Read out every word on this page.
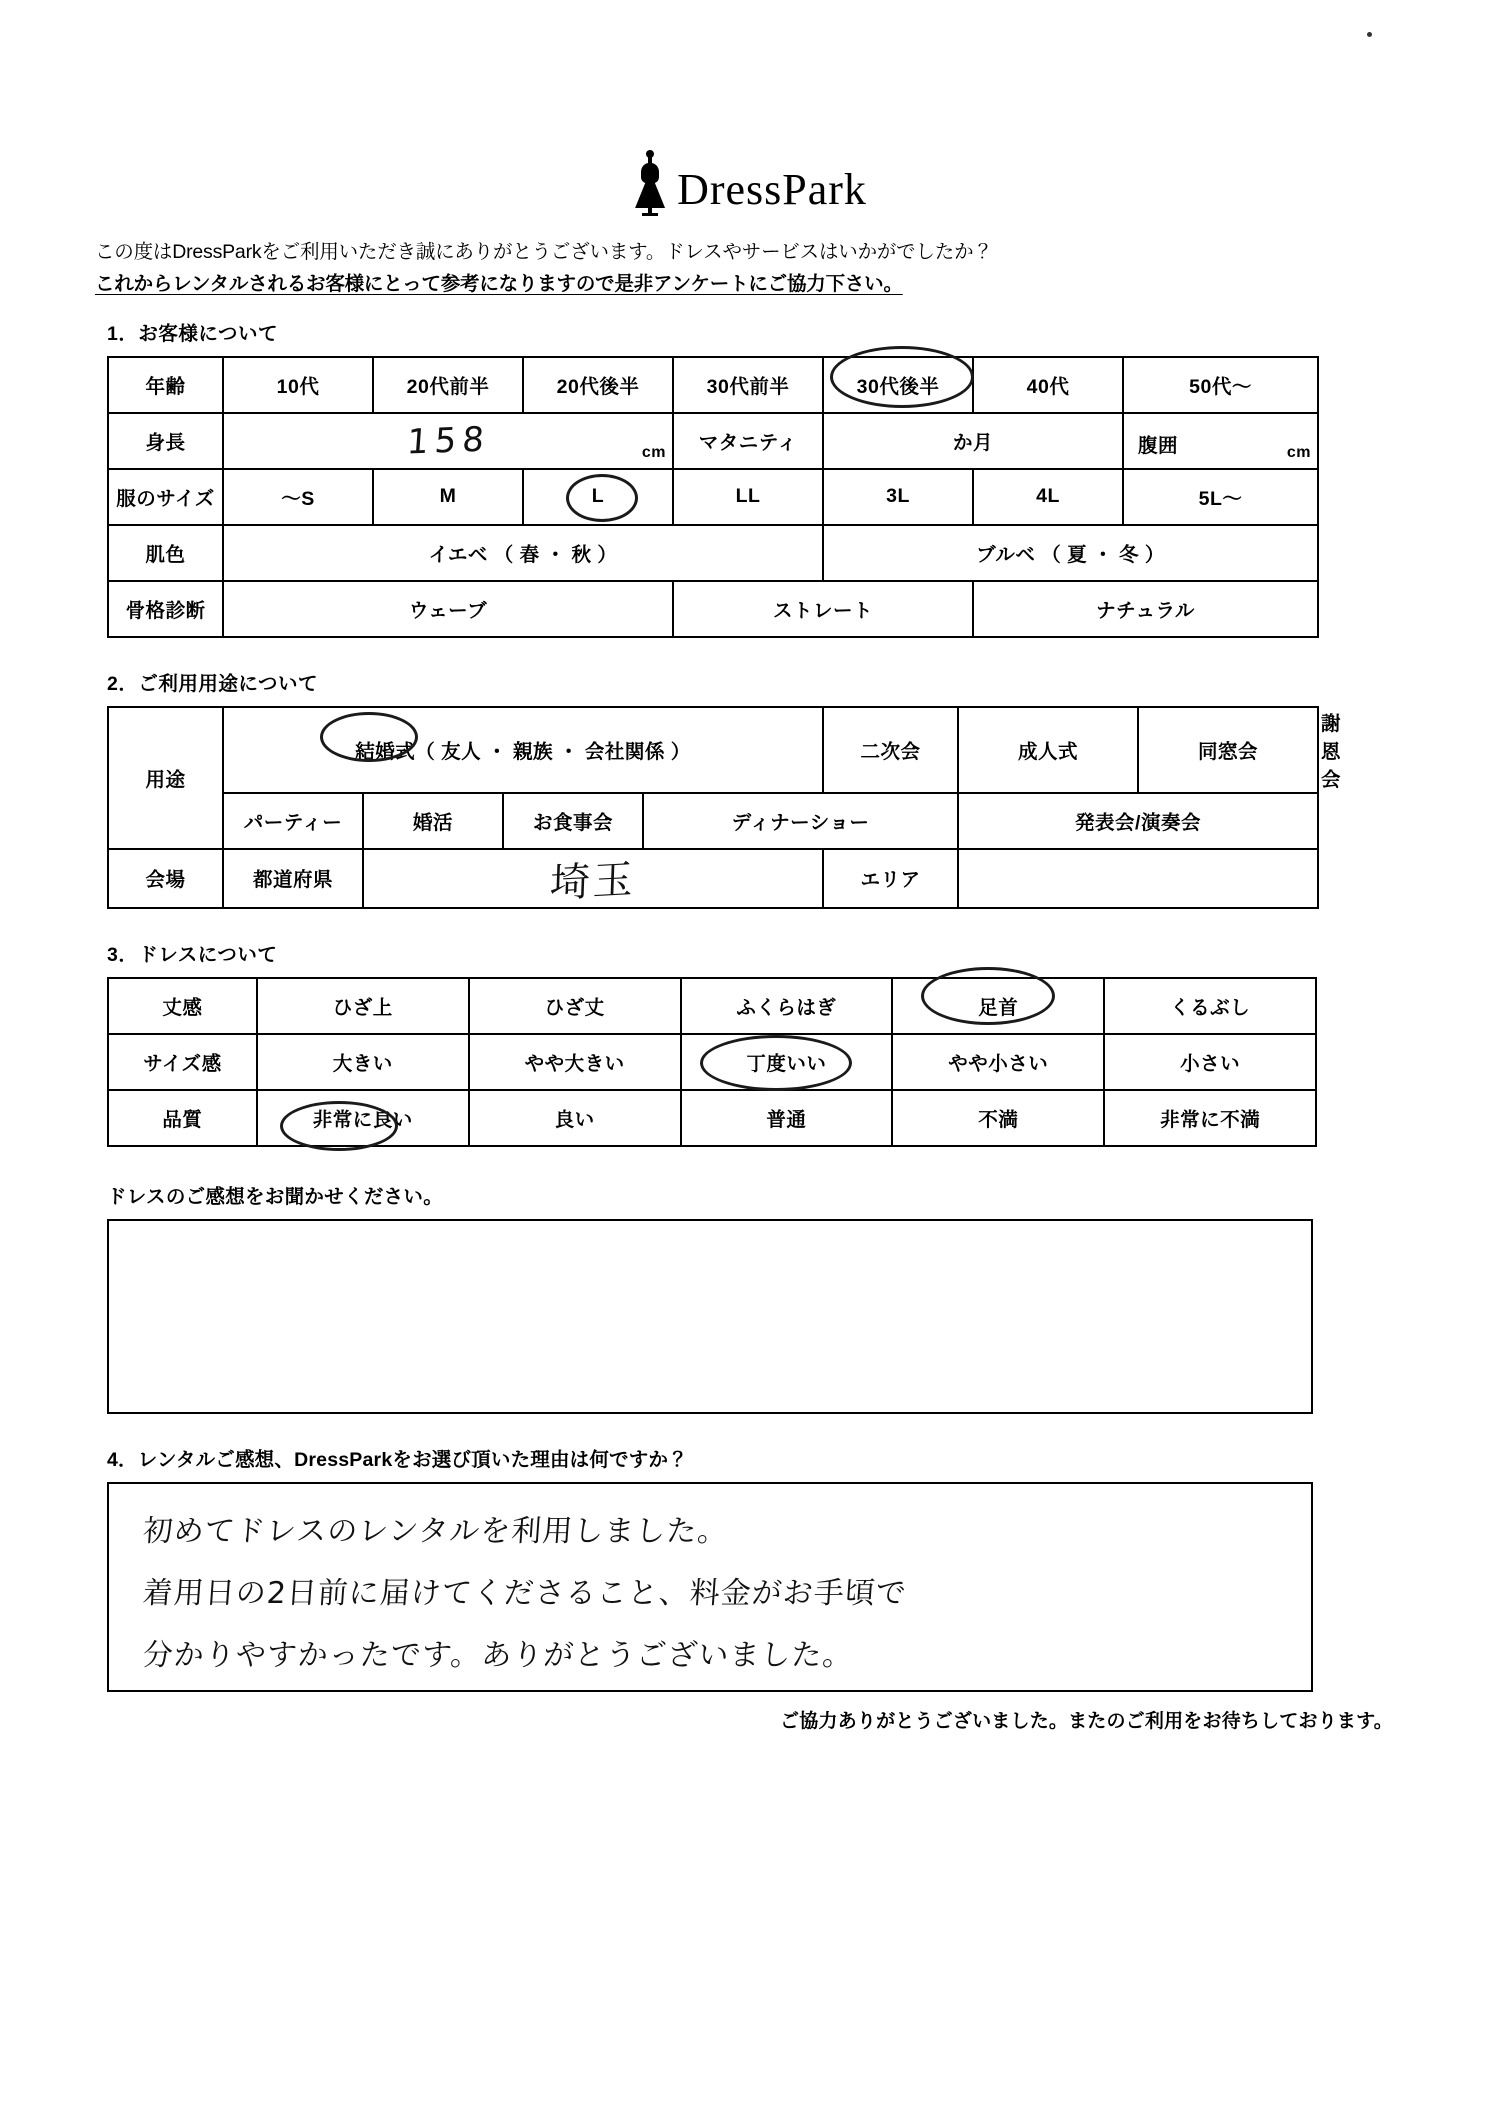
DressPark
この度はDressParkをご利用いただき誠にありがとうございます。ドレスやサービスはいかがでしたか？
これからレンタルされるお客様にとって参考になりますので是非アンケートにご協力下さい。
1．お客様について
年齢	10代	20代前半	20代後半	30代前半	30代後半	40代	50代〜
身長	158 cm			マタニティ	か月		腹囲 cm

服のサイズ	〜S	M	L	LL	3L	4L	5L〜
肌色	イエベ （ 春 ・ 秋 ）				ブルベ （ 夏 ・ 冬 ）		
骨格診断	ウェーブ			ストレート		ナチュラル	
2．ご利用用途について
用途	結婚式（ 友人 ・ 親族 ・ 会社関係 ）				二次会	成人式	同窓会	謝恩会
	パーティー	婚活	お食事会	ディナーショー		発表会/演奏会		
会場	都道府県	埼玉			エリア			
3．ドレスについて
丈感	ひざ上	ひざ丈	ふくらはぎ	足首	くるぶし
サイズ感	大きい	やや大きい	丁度いい	やや小さい	小さい
品質	非常に良い	良い	普通	不満	非常に不満
ドレスのご感想をお聞かせください。
4．レンタルご感想、DressParkをお選び頂いた理由は何ですか？
初めてドレスのレンタルを利用しました。
着用日の2日前に届けてくださること、料金がお手頃で
分かりやすかったです。ありがとうございました。
ご協力ありがとうございました。またのご利用をお待ちしております。
